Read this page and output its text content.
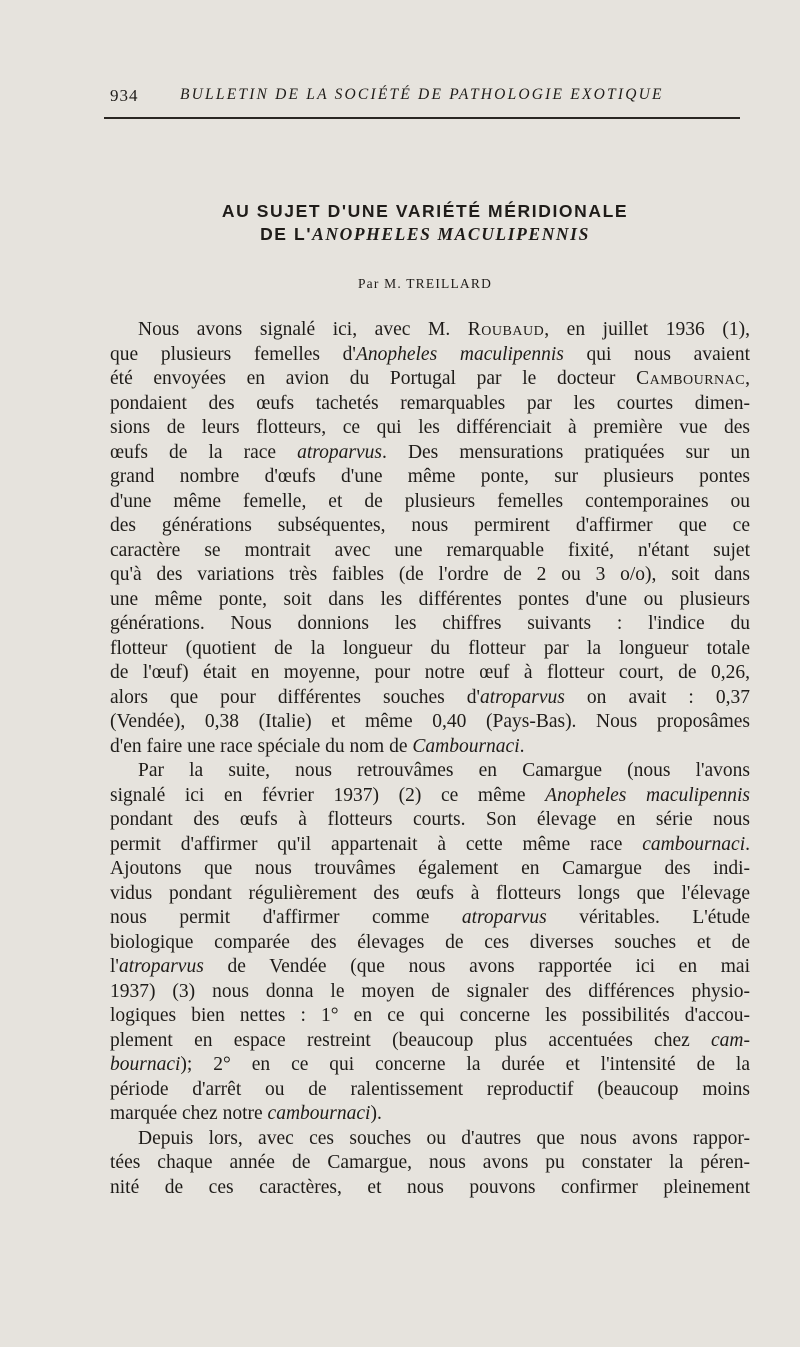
934	BULLETIN DE LA SOCIÉTÉ DE PATHOLOGIE EXOTIQUE
AU SUJET D'UNE VARIÉTÉ MÉRIDIONALE
DE L'ANOPHELES MACULIPENNIS
Par M. TREILLARD
Nous avons signalé ici, avec M. Roubaud, en juillet 1936 (1),
que plusieurs femelles d'Anopheles maculipennis qui nous avaient
été envoyées en avion du Portugal par le docteur Cambournac,
pondaient des œufs tachetés remarquables par les courtes dimen-
sions de leurs flotteurs, ce qui les différenciait à première vue des
œufs de la race atroparvus. Des mensurations pratiquées sur un
grand nombre d'œufs d'une même ponte, sur plusieurs pontes
d'une même femelle, et de plusieurs femelles contemporaines ou
des générations subséquentes, nous permirent d'affirmer que ce
caractère se montrait avec une remarquable fixité, n'étant sujet
qu'à des variations très faibles (de l'ordre de 2 ou 3 o/o), soit dans
une même ponte, soit dans les différentes pontes d'une ou plusieurs
générations. Nous donnions les chiffres suivants : l'indice du
flotteur (quotient de la longueur du flotteur par la longueur totale
de l'œuf) était en moyenne, pour notre œuf à flotteur court, de 0,26,
alors que pour différentes souches d'atroparvus on avait : 0,37
(Vendée), 0,38 (Italie) et même 0,40 (Pays-Bas). Nous proposâmes
d'en faire une race spéciale du nom de Cambournaci.
Par la suite, nous retrouvâmes en Camargue (nous l'avons
signalé ici en février 1937) (2) ce même Anopheles maculipennis
pondant des œufs à flotteurs courts. Son élevage en série nous
permit d'affirmer qu'il appartenait à cette même race cambournaci.
Ajoutons que nous trouvâmes également en Camargue des indi-
vidus pondant régulièrement des œufs à flotteurs longs que l'élevage
nous permit d'affirmer comme atroparvus véritables. L'étude
biologique comparée des élevages de ces diverses souches et de
l'atroparvus de Vendée (que nous avons rapportée ici en mai
1937) (3) nous donna le moyen de signaler des différences physio-
logiques bien nettes : 1° en ce qui concerne les possibilités d'accou-
plement en espace restreint (beaucoup plus accentuées chez cam-
bournaci); 2° en ce qui concerne la durée et l'intensité de la
période d'arrêt ou de ralentissement reproductif (beaucoup moins
marquée chez notre cambournaci).
Depuis lors, avec ces souches ou d'autres que nous avons rappor-
tées chaque année de Camargue, nous avons pu constater la péren-
nité de ces caractères, et nous pouvons confirmer pleinement
